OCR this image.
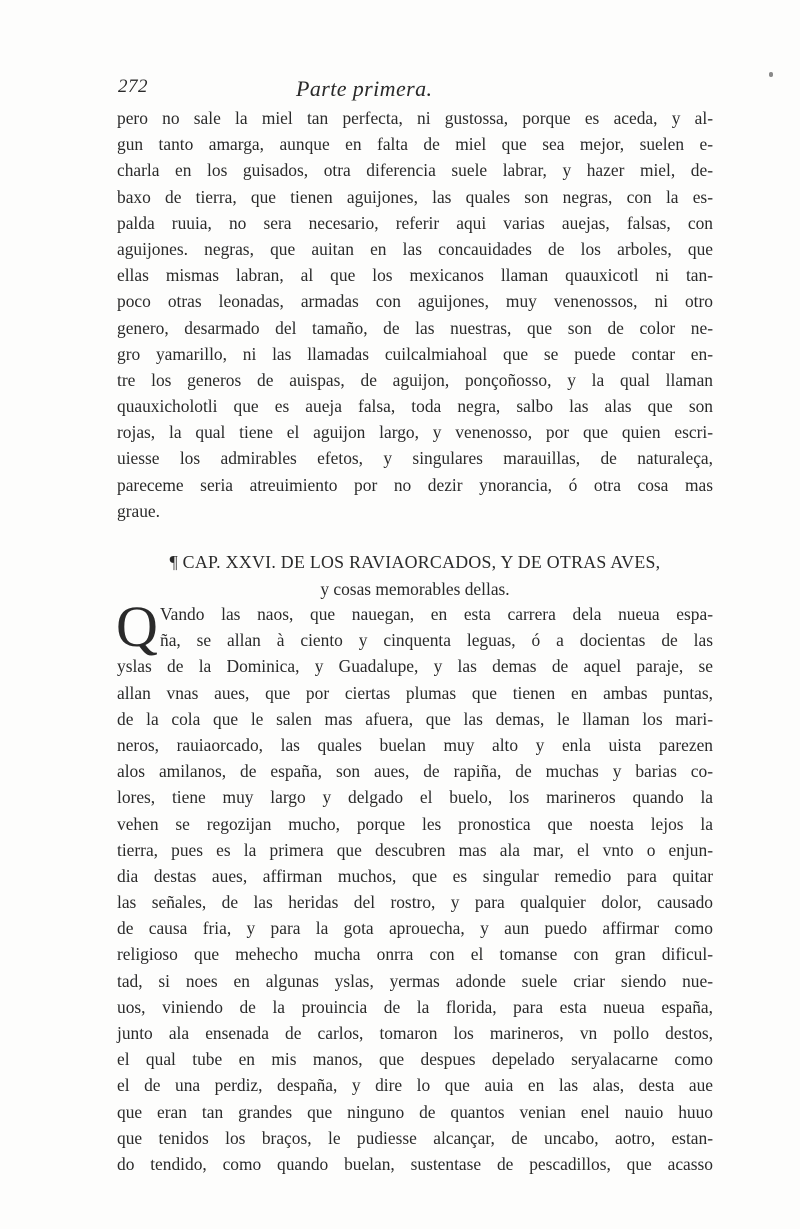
272	Parte primera.
pero no sale la miel tan perfecta, ni gustossa, porque es aceda, y al-
gun tanto amarga, aunque en falta de miel que sea mejor, suelen e-
charla en los guisados, otra diferencia suele labrar, y hazer miel, de-
baxo de tierra, que tienen aguijones, las quales son negras, con la es-
palda ruuia, no sera necesario, referir aqui varias auejas, falsas, con
aguijones. negras, que auitan en las concauidades de los arboles, que
ellas mismas labran, al que los mexicanos llaman quauxicotl ni tan-
poco otras leonadas, armadas con aguijones, muy venenossos, ni otro
genero, desarmado del tamaño, de las nuestras, que son de color ne-
gro yamarillo, ni las llamadas cuilcalmiahoal que se puede contar en-
tre los generos de auispas, de aguijon, ponçoñosso, y la qual llaman
quauxicholotli que es aueja falsa, toda negra, salbo las alas que son
rojas, la qual tiene el aguijon largo, y venenosso, por que quien escri-
uiesse los admirables efetos, y singulares marauillas, de naturaleça,
pareceme seria atreuimiento por no dezir ynorancia, ó otra cosa mas
graue.
¶ CAP. XXVI. DE LOS RAVIAORCADOS, Y DE OTRAS AVES,
y cosas memorables dellas.
Q Vando las naos, que nauegan, en esta carrera dela nueua espa-
ña, se allan à ciento y cinquenta leguas, ó a docientas de las
yslas de la Dominica, y Guadalupe, y las demas de aquel paraje, se
allan vnas aues, que por ciertas plumas que tienen en ambas puntas,
de la cola que le salen mas afuera, que las demas, le llaman los mari-
neros, rauiaorcado, las quales buelan muy alto y enla uista parezen
alos amilanos, de españa, son aues, de rapiña, de muchas y barias co-
lores, tiene muy largo y delgado el buelo, los marineros quando la
vehen se regozijan mucho, porque les pronostica que noesta lejos la
tierra, pues es la primera que descubren mas ala mar, el vnto o enjun-
dia destas aues, affirman muchos, que es singular remedio para quitar
las señales, de las heridas del rostro, y para qualquier dolor, causado
de causa fria, y para la gota aprouecha, y aun puedo affirmar como
religioso que mehecho mucha onrra con el tomanse con gran dificul-
tad, si noes en algunas yslas, yermas adonde suele criar siendo nue-
uos, viniendo de la prouincia de la florida, para esta nueua españa,
junto ala ensenada de carlos, tomaron los marineros, vn pollo destos,
el qual tube en mis manos, que despues depelado seryalacarne como
el de una perdiz, despaña, y dire lo que auia en las alas, desta aue
que eran tan grandes que ninguno de quantos venian enel nauio huuo
que tenidos los braços, le pudiesse alcançar, de uncabo, aotro, estan-
do tendido, como quando buelan, sustentase de pescadillos, que acasso
